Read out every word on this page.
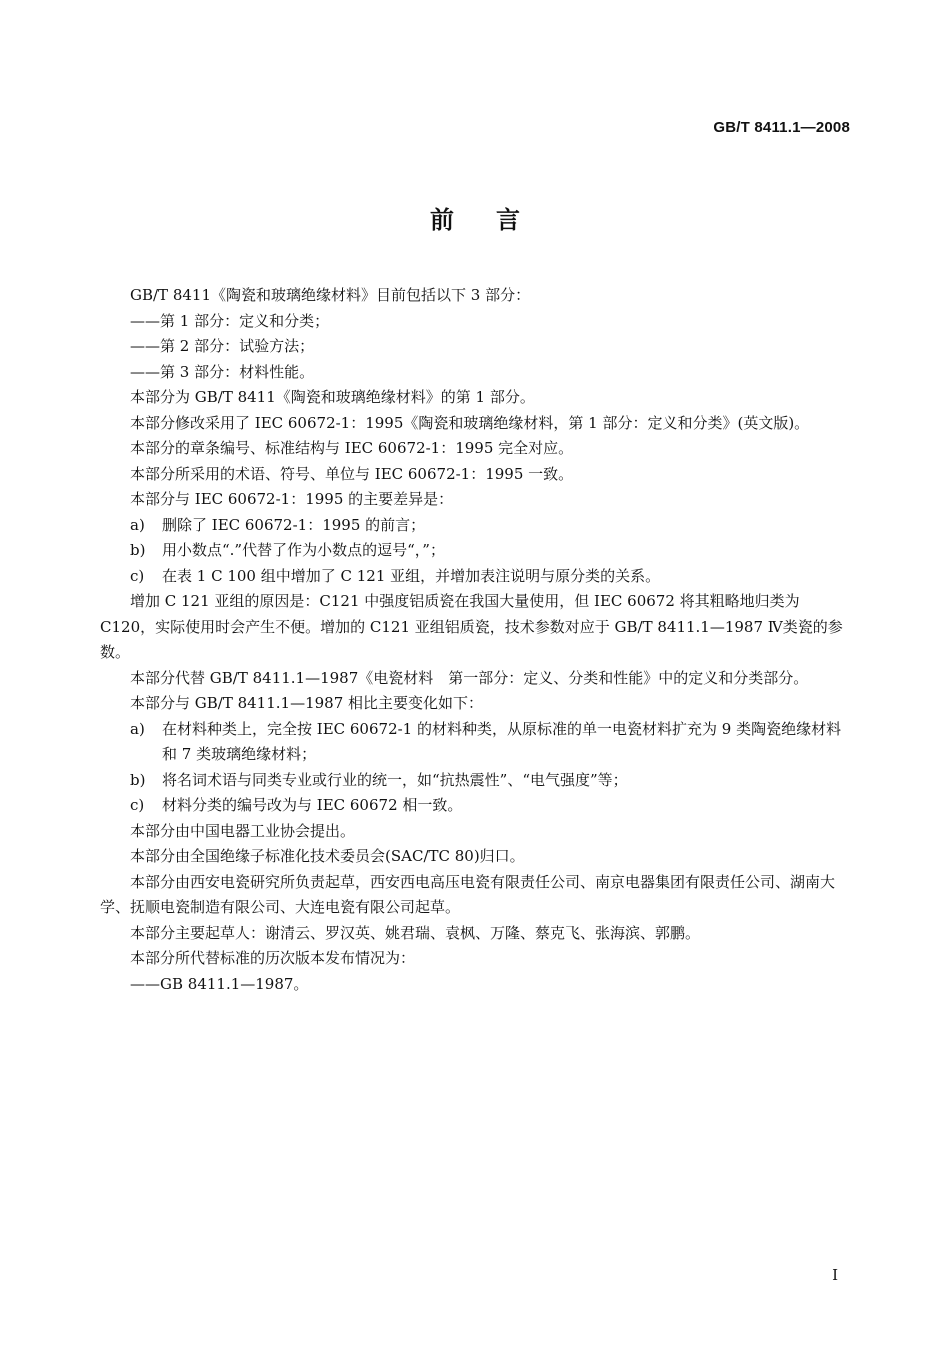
GB/T 8411.1—2008
前言

GB/T 8411《陶瓷和玻璃绝缘材料》目前包括以下 3 部分：

——第 1 部分：定义和分类；

——第 2 部分：试验方法；

——第 3 部分：材料性能。

本部分为 GB/T 8411《陶瓷和玻璃绝缘材料》的第 1 部分。

本部分修改采用了 IEC 60672-1：1995《陶瓷和玻璃绝缘材料，第 1 部分：定义和分类》(英文版)。

本部分的章条编号、标准结构与 IEC 60672-1：1995 完全对应。

本部分所采用的术语、符号、单位与 IEC 60672-1：1995 一致。

本部分与 IEC 60672-1：1995 的主要差异是：

a) 删除了 IEC 60672-1：1995 的前言；

b) 用小数点“.”代替了作为小数点的逗号“，”；

c) 在表 1 C 100 组中增加了 C 121 亚组，并增加表注说明与原分类的关系。

增加 C 121 亚组的原因是：C121 中强度铝质瓷在我国大量使用，但 IEC 60672 将其粗略地归类为 C120，实际使用时会产生不便。增加的 C121 亚组铝质瓷，技术参数对应于 GB/T 8411.1—1987 Ⅳ类瓷的参数。

本部分代替 GB/T 8411.1—1987《电瓷材料　第一部分：定义、分类和性能》中的定义和分类部分。

本部分与 GB/T 8411.1—1987 相比主要变化如下：

a) 在材料种类上，完全按 IEC 60672-1 的材料种类，从原标准的单一电瓷材料扩充为 9 类陶瓷绝缘材料和 7 类玻璃绝缘材料；

b) 将名词术语与同类专业或行业的统一，如“抗热震性”、“电气强度”等；

c) 材料分类的编号改为与 IEC 60672 相一致。

本部分由中国电器工业协会提出。

本部分由全国绝缘子标准化技术委员会(SAC/TC 80)归口。

本部分由西安电瓷研究所负责起草，西安西电高压电瓷有限责任公司、南京电器集团有限责任公司、湖南大学、抚顺电瓷制造有限公司、大连电瓷有限公司起草。

本部分主要起草人：谢清云、罗汉英、姚君瑞、袁枫、万隆、蔡克飞、张海滨、郭鹏。

本部分所代替标准的历次版本发布情况为：

——GB 8411.1—1987。

I
